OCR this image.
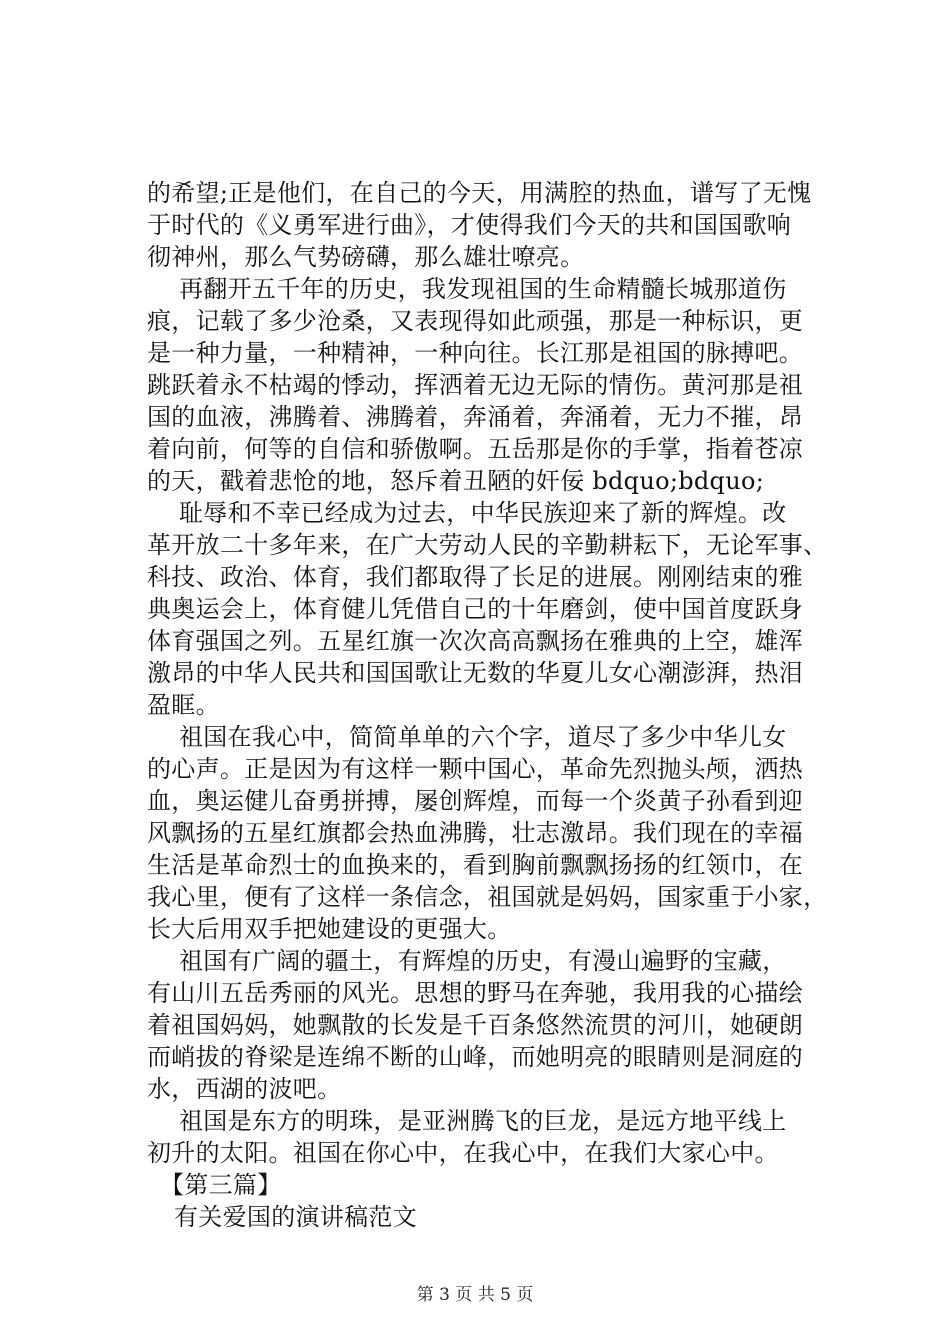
的希望;正是他们，在自己的今天，用满腔的热血，谱写了无愧
于时代的《义勇军进行曲》，才使得我们今天的共和国国歌响
彻神州，那么气势磅礴，那么雄壮嘹亮。
再翻开五千年的历史，我发现祖国的生命精髓长城那道伤
痕，记载了多少沧桑，又表现得如此顽强，那是一种标识，更
是一种力量，一种精神，一种向往。长江那是祖国的脉搏吧。
跳跃着永不枯竭的悸动，挥洒着无边无际的情伤。黄河那是祖
国的血液，沸腾着、沸腾着，奔涌着，奔涌着，无力不摧，昂
着向前，何等的自信和骄傲啊。五岳那是你的手掌，指着苍凉
的天，戳着悲怆的地，怒斥着丑陋的奸佞 bdquo;bdquo;
耻辱和不幸已经成为过去，中华民族迎来了新的辉煌。改
革开放二十多年来，在广大劳动人民的辛勤耕耘下，无论军事、
科技、政治、体育，我们都取得了长足的进展。刚刚结束的雅
典奥运会上，体育健儿凭借自己的十年磨剑，使中国首度跃身
体育强国之列。五星红旗一次次高高飘扬在雅典的上空，雄浑
激昂的中华人民共和国国歌让无数的华夏儿女心潮澎湃，热泪
盈眶。
祖国在我心中，简简单单的六个字，道尽了多少中华儿女
的心声。正是因为有这样一颗中国心，革命先烈抛头颅，洒热
血，奥运健儿奋勇拼搏，屡创辉煌，而每一个炎黄子孙看到迎
风飘扬的五星红旗都会热血沸腾，壮志激昂。我们现在的幸福
生活是革命烈士的血换来的，看到胸前飘飘扬扬的红领巾，在
我心里，便有了这样一条信念，祖国就是妈妈，国家重于小家，
长大后用双手把她建设的更强大。
祖国有广阔的疆土，有辉煌的历史，有漫山遍野的宝藏，
有山川五岳秀丽的风光。思想的野马在奔驰，我用我的心描绘
着祖国妈妈，她飘散的长发是千百条悠然流贯的河川，她硬朗
而峭拔的脊梁是连绵不断的山峰，而她明亮的眼睛则是洞庭的
水，西湖的波吧。
祖国是东方的明珠，是亚洲腾飞的巨龙，是远方地平线上
初升的太阳。祖国在你心中，在我心中，在我们大家心中。
【第三篇】
有关爱国的演讲稿范文
第 3 页 共 5 页
